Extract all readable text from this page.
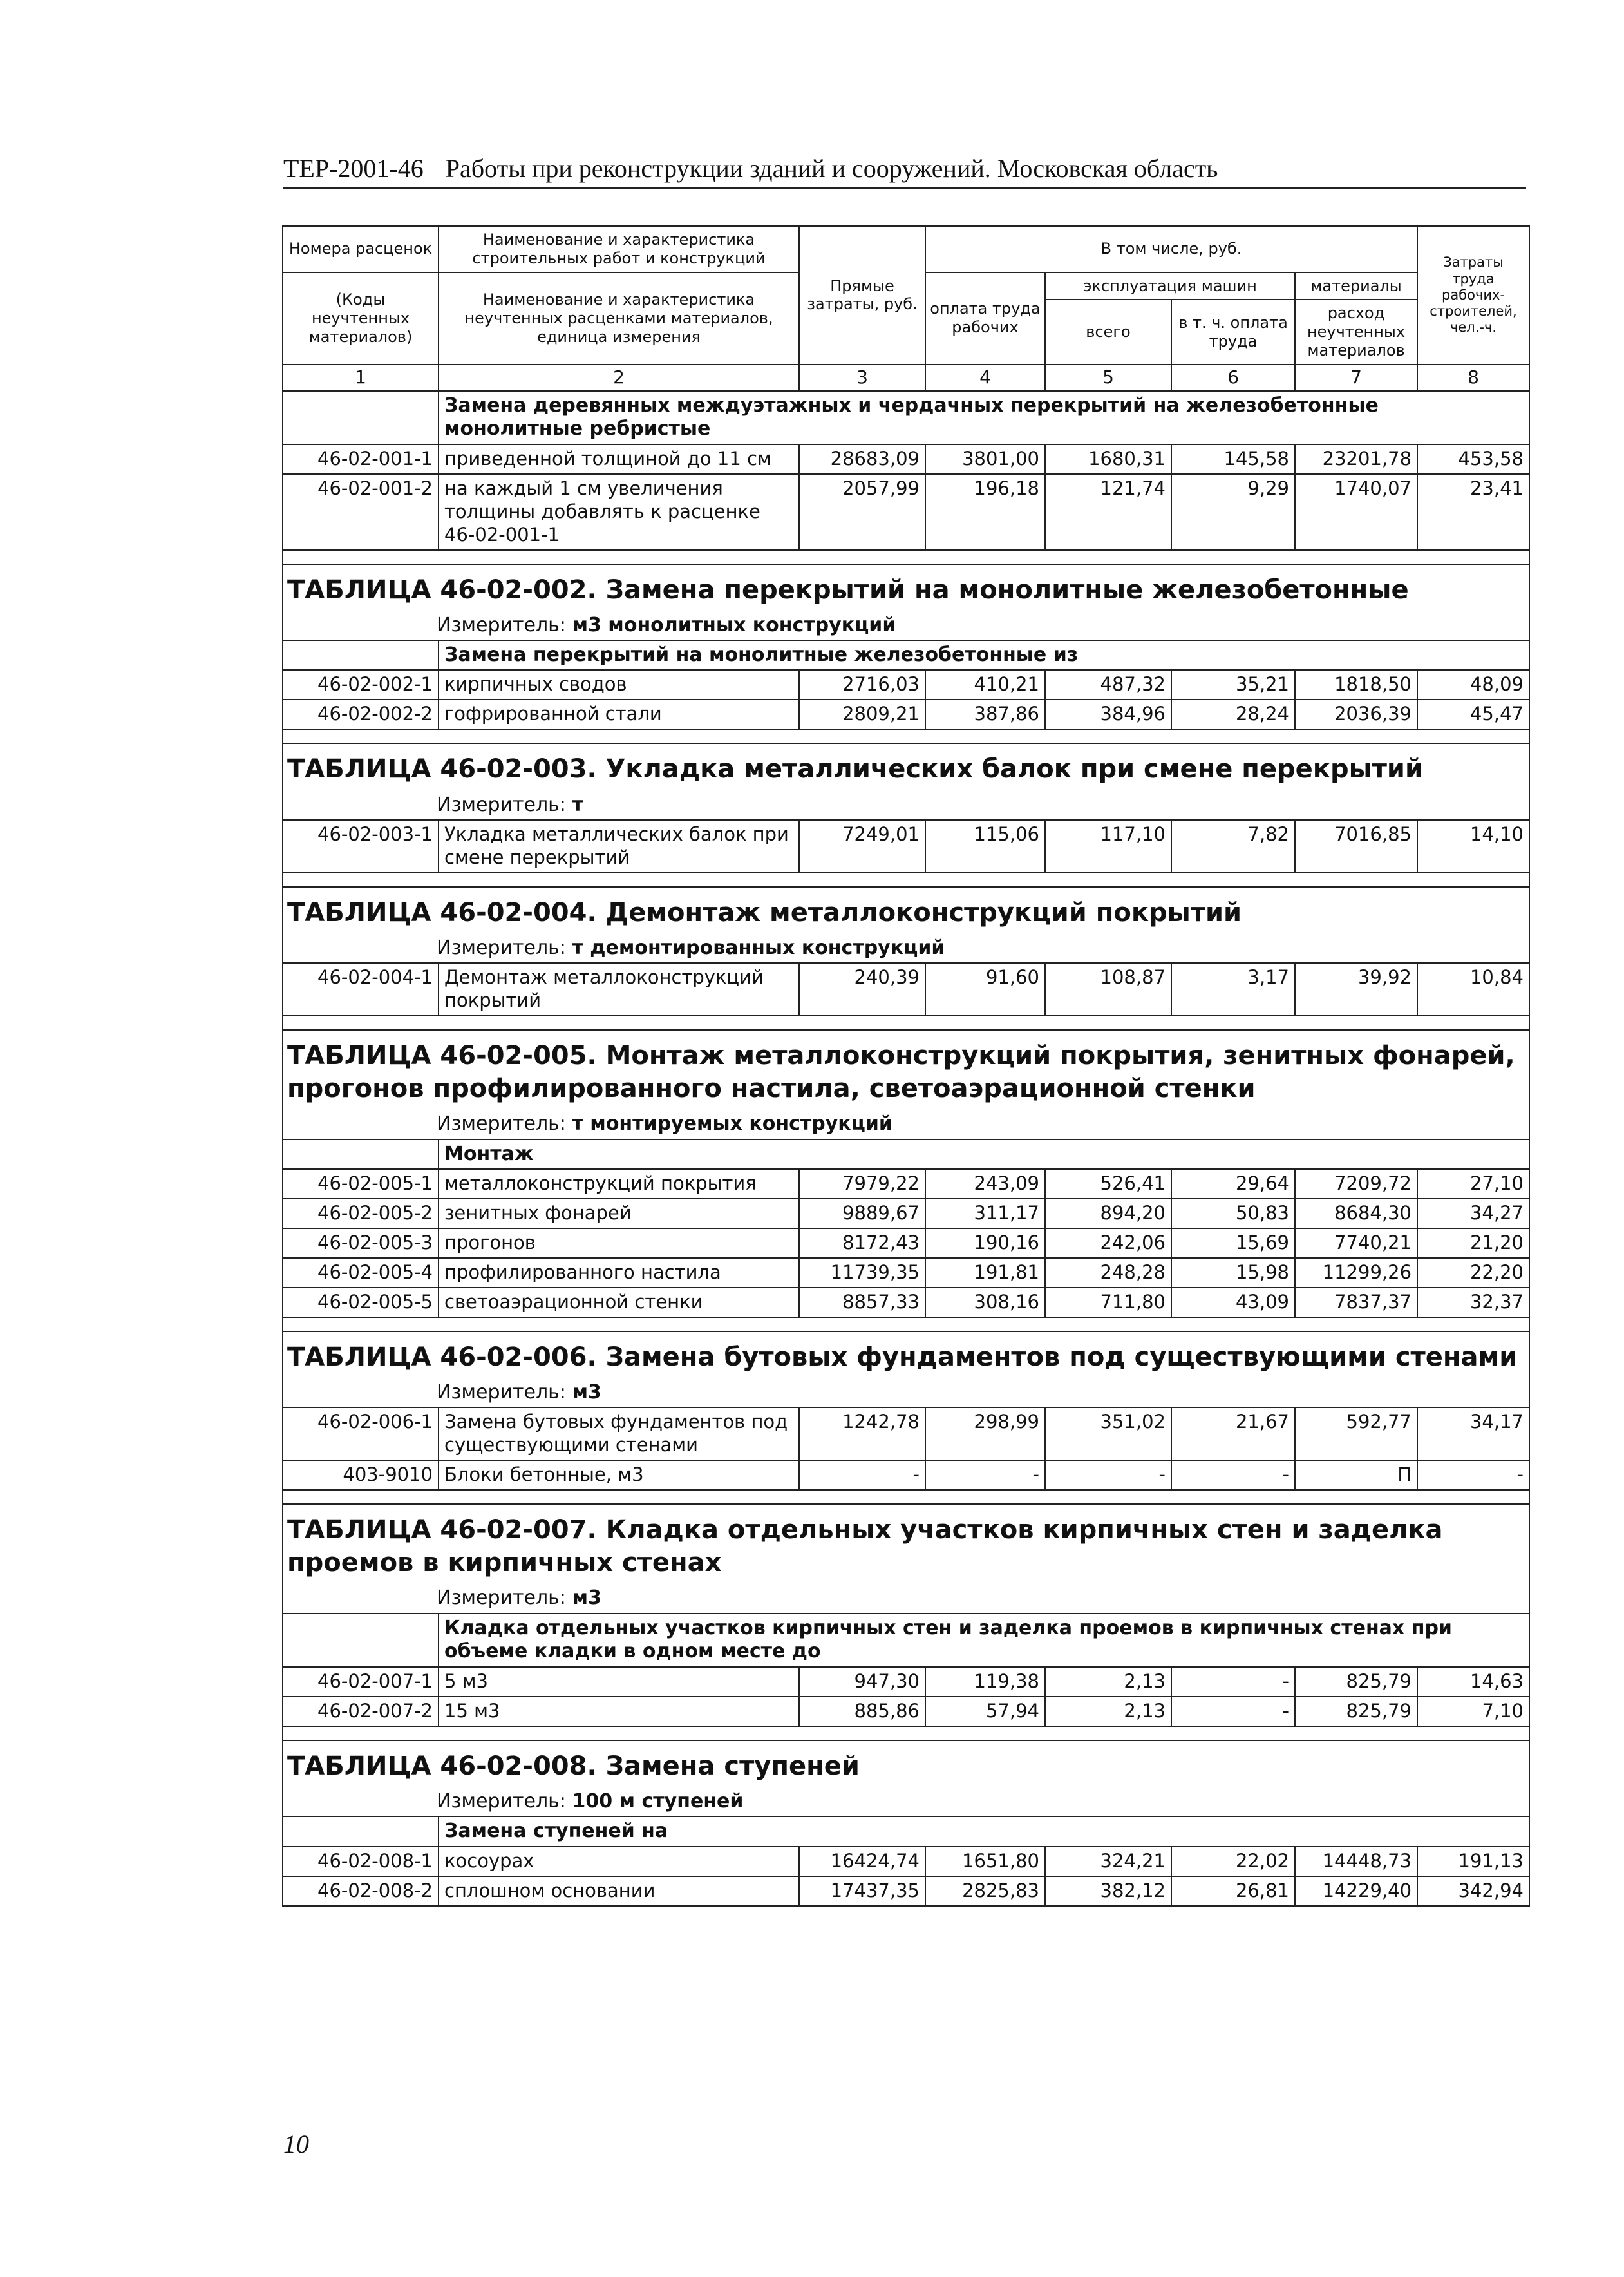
ТЕР-2001-46 Работы при реконструкции зданий и сооружений. Московская область
Номера расценок	Наименование и характеристика строительных работ и конструкций	Прямые затраты, руб.	В том числе, руб.				Затраты труда рабочих-строителей, чел.-ч.
(Коды неучтенных материалов)	Наименование и характеристика неучтенных расценками материалов, единица измерения		оплата труда рабочих	эксплуатация машин		материалы	
				всего	в т. ч. оплата труда	расход неучтенных материалов	
1	2	3	4	5	6	7	8
	Замена деревянных междуэтажных и чердачных перекрытий на железобетонные монолитные ребристые						
46-02-001-1	приведенной толщиной до 11 см	28683,09	3801,00	1680,31	145,58	23201,78	453,58
46-02-001-2	на каждый 1 см увеличения толщины добавлять к расценке 46-02-001-1	2057,99	196,18	121,74	9,29	1740,07	23,41

ТАБЛИЦА 46-02-002. Замена перекрытий на монолитные железобетонные							
Измеритель: м3 монолитных конструкций							
	Замена перекрытий на монолитные железобетонные из						
46-02-002-1	кирпичных сводов	2716,03	410,21	487,32	35,21	1818,50	48,09
46-02-002-2	гофрированной стали	2809,21	387,86	384,96	28,24	2036,39	45,47

ТАБЛИЦА 46-02-003. Укладка металлических балок при смене перекрытий							
Измеритель: т							
46-02-003-1	Укладка металлических балок при смене перекрытий	7249,01	115,06	117,10	7,82	7016,85	14,10

ТАБЛИЦА 46-02-004. Демонтаж металлоконструкций покрытий							
Измеритель: т демонтированных конструкций							
46-02-004-1	Демонтаж металлоконструкций покрытий	240,39	91,60	108,87	3,17	39,92	10,84

ТАБЛИЦА 46-02-005. Монтаж металлоконструкций покрытия, зенитных фонарей, прогонов профилированного настила, светоаэрационной стенки							
Измеритель: т монтируемых конструкций							
	Монтаж						
46-02-005-1	металлоконструкций покрытия	7979,22	243,09	526,41	29,64	7209,72	27,10
46-02-005-2	зенитных фонарей	9889,67	311,17	894,20	50,83	8684,30	34,27
46-02-005-3	прогонов	8172,43	190,16	242,06	15,69	7740,21	21,20
46-02-005-4	профилированного настила	11739,35	191,81	248,28	15,98	11299,26	22,20
46-02-005-5	светоаэрационной стенки	8857,33	308,16	711,80	43,09	7837,37	32,37

ТАБЛИЦА 46-02-006. Замена бутовых фундаментов под существующими стенами							
Измеритель: м3							
46-02-006-1	Замена бутовых фундаментов под существующими стенами	1242,78	298,99	351,02	21,67	592,77	34,17
403-9010	Блоки бетонные, м3	-	-	-	-	П	-

ТАБЛИЦА 46-02-007. Кладка отдельных участков кирпичных стен и заделка проемов в кирпичных стенах							
Измеритель: м3							
	Кладка отдельных участков кирпичных стен и заделка проемов в кирпичных стенах при объеме кладки в одном месте до						
46-02-007-1	5 м3	947,30	119,38	2,13	-	825,79	14,63
46-02-007-2	15 м3	885,86	57,94	2,13	-	825,79	7,10

ТАБЛИЦА 46-02-008. Замена ступеней							
Измеритель: 100 м ступеней							
	Замена ступеней на						
46-02-008-1	косоурах	16424,74	1651,80	324,21	22,02	14448,73	191,13
46-02-008-2	сплошном основании	17437,35	2825,83	382,12	26,81	14229,40	342,94
10
